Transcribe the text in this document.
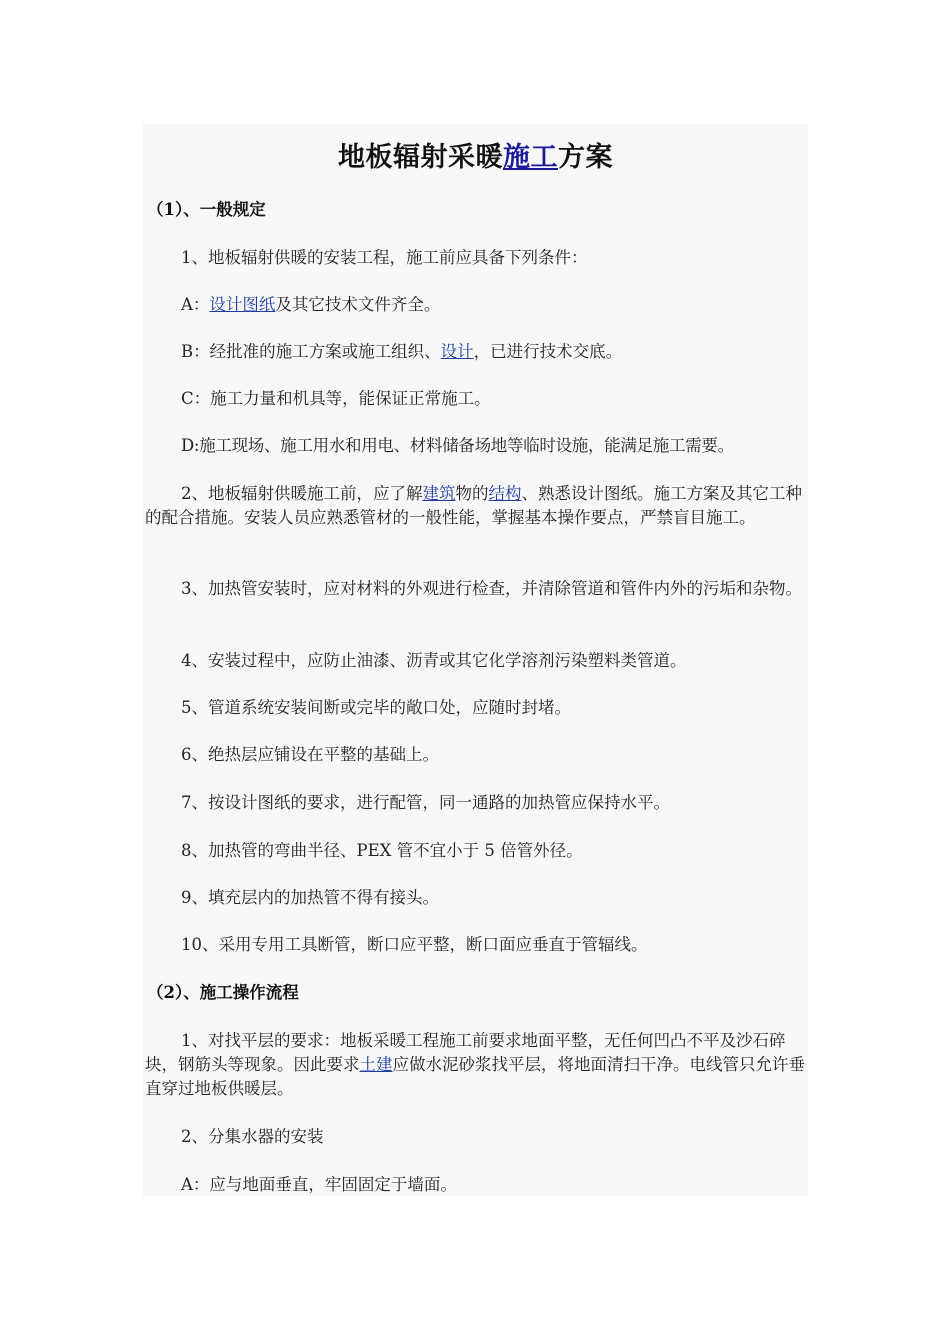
地板辐射采暖施工方案
（1）、一般规定

1、地板辐射供暖的安装工程，施工前应具备下列条件：

A：设计图纸及其它技术文件齐全。

B：经批准的施工方案或施工组织、设计，已进行技术交底。

C：施工力量和机具等，能保证正常施工。

D:施工现场、施工用水和用电、材料储备场地等临时设施，能满足施工需要。

2、地板辐射供暖施工前，应了解建筑物的结构、熟悉设计图纸。施工方案及其它工种的配合措施。安装人员应熟悉管材的一般性能，掌握基本操作要点，严禁盲目施工。

3、加热管安装时，应对材料的外观进行检查，并清除管道和管件内外的污垢和杂物。

4、安装过程中，应防止油漆、沥青或其它化学溶剂污染塑料类管道。

5、管道系统安装间断或完毕的敞口处，应随时封堵。

6、绝热层应铺设在平整的基础上。

7、按设计图纸的要求，进行配管，同一通路的加热管应保持水平。

8、加热管的弯曲半径、PEX 管不宜小于 5 倍管外径。

9、填充层内的加热管不得有接头。

10、采用专用工具断管，断口应平整，断口面应垂直于管辐线。

（2）、施工操作流程

1、对找平层的要求：地板采暖工程施工前要求地面平整，无任何凹凸不平及沙石碎块，钢筋头等现象。因此要求土建应做水泥砂浆找平层，将地面清扫干净。电线管只允许垂直穿过地板供暖层。

2、分集水器的安装

A：应与地面垂直，牢固固定于墙面。
